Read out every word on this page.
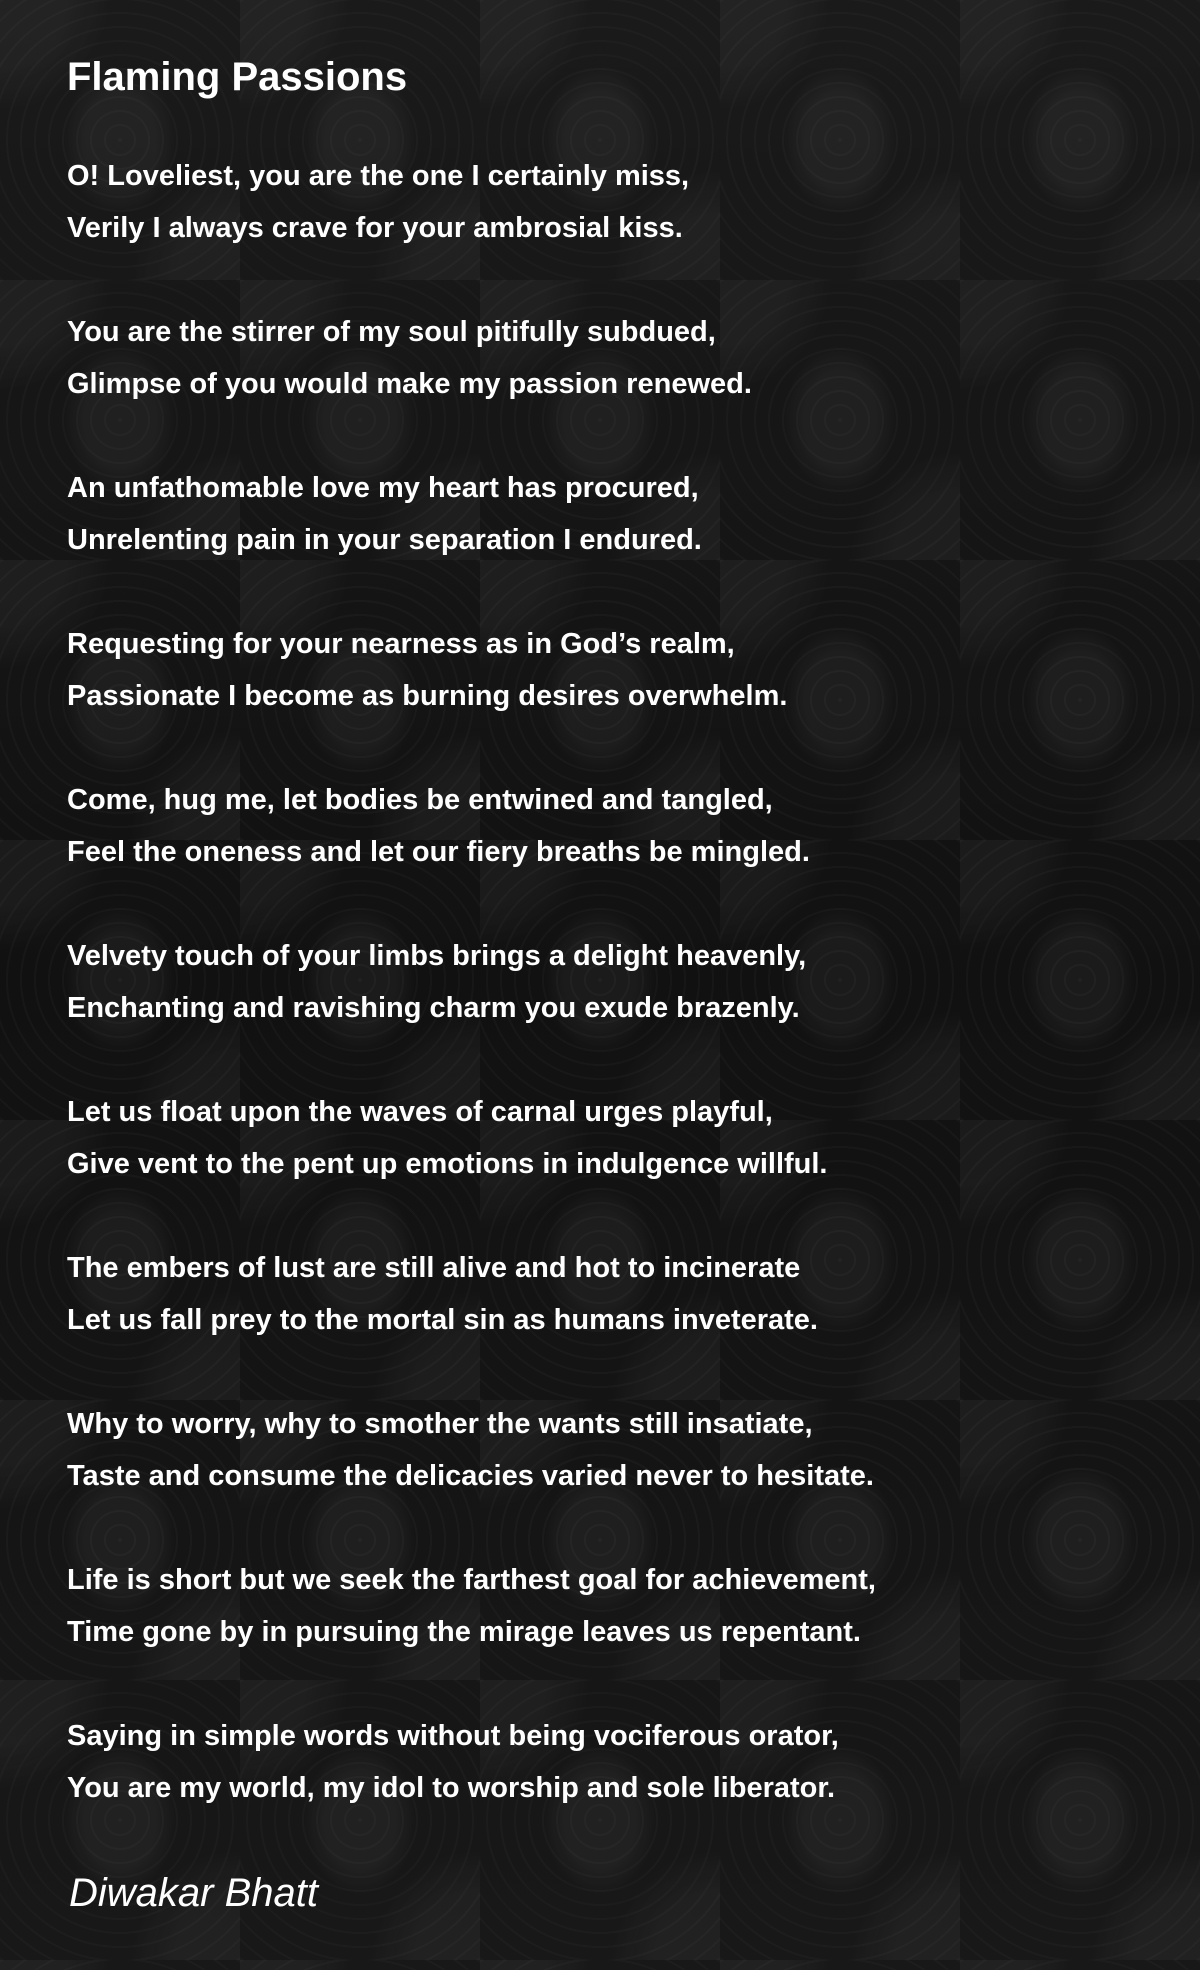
Flaming Passions
O! Loveliest, you are the one I certainly miss,
Verily I always crave for your ambrosial kiss.
You are the stirrer of my soul pitifully subdued,
Glimpse of you would make my passion renewed.
An unfathomable love my heart has procured,
Unrelenting pain in your separation I endured.
Requesting for your nearness as in God’s realm,
Passionate I become as burning desires overwhelm.
Come, hug me, let bodies be entwined and tangled,
Feel the oneness and let our fiery breaths be mingled.
Velvety touch of your limbs brings a delight heavenly,
Enchanting and ravishing charm you exude brazenly.
Let us float upon the waves of carnal urges playful,
Give vent to the pent up emotions in indulgence willful.
The embers of lust are still alive and hot to incinerate
Let us fall prey to the mortal sin as humans inveterate.
Why to worry, why to smother the wants still insatiate,
Taste and consume the delicacies varied never to hesitate.
Life is short but we seek the farthest goal for achievement,
Time gone by in pursuing the mirage leaves us repentant.
Saying in simple words without being vociferous orator,
You are my world, my idol to worship and sole liberator.

Diwakar Bhatt
